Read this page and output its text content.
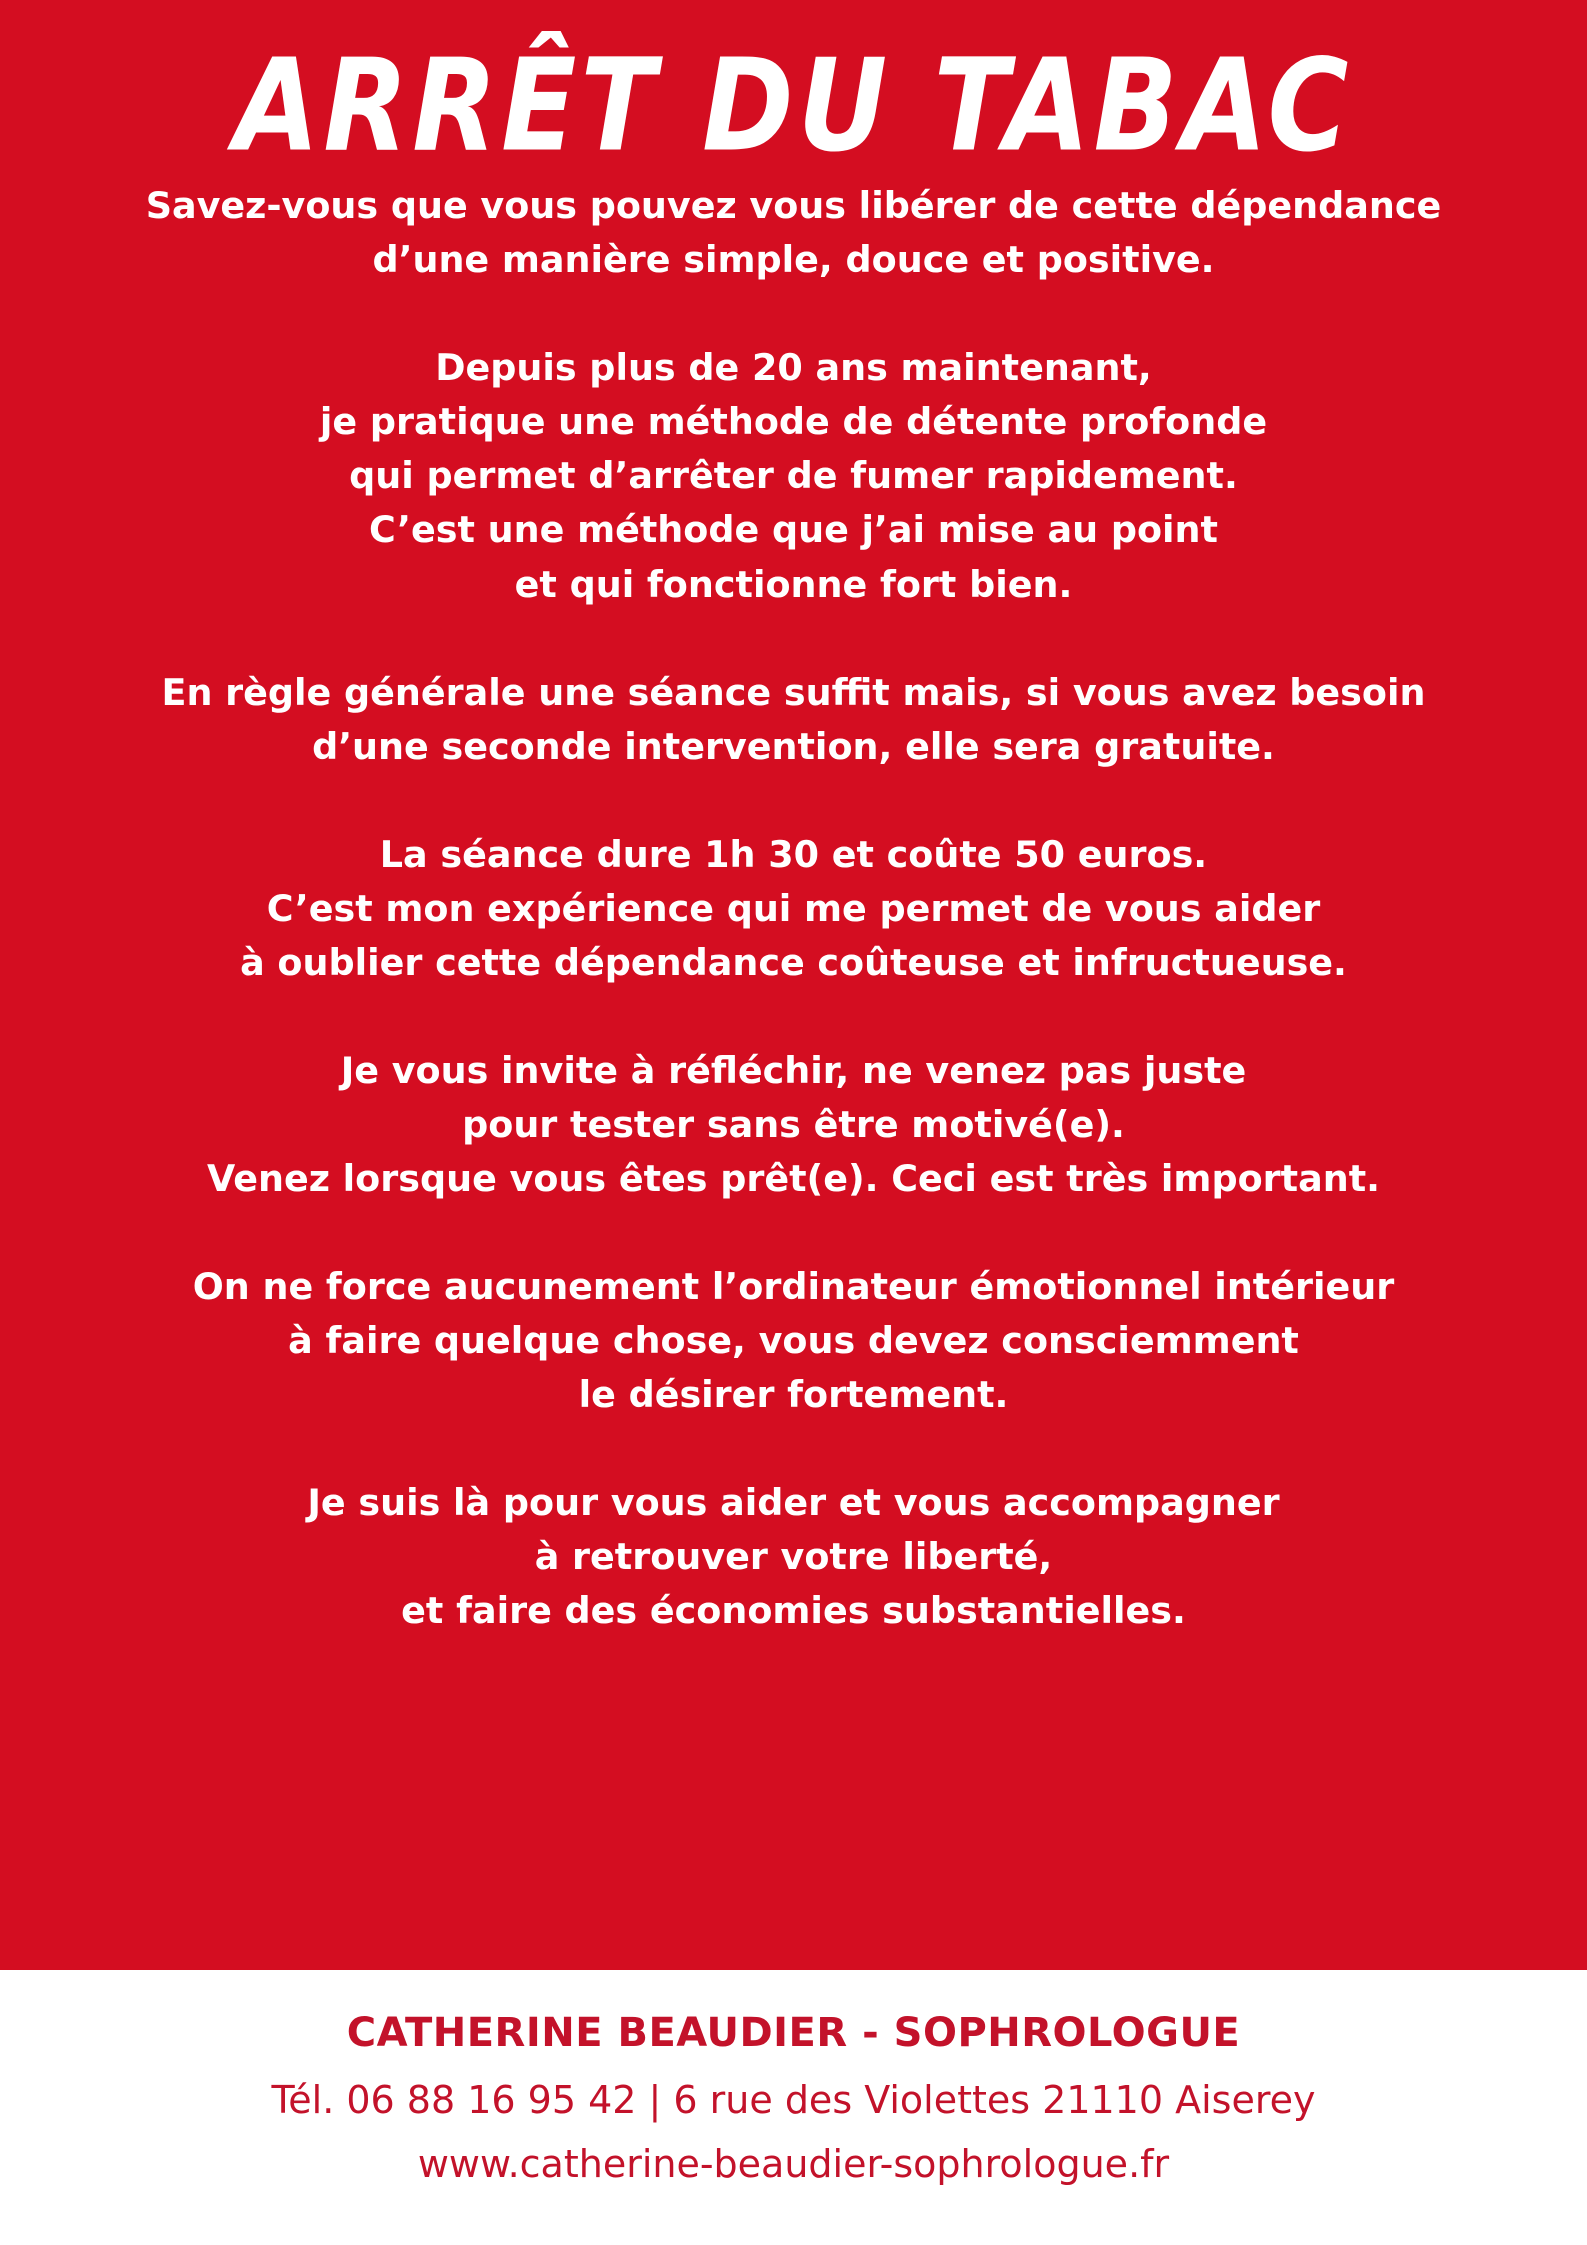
ARRÊT DU TABAC

Savez-vous que vous pouvez vous libérer de cette dépendance
d’une manière simple, douce et positive.

Depuis plus de 20 ans maintenant,
je pratique une méthode de détente profonde
qui permet d’arrêter de fumer rapidement.
C’est une méthode que j’ai mise au point
et qui fonctionne fort bien.

En règle générale une séance suffit mais, si vous avez besoin
d’une seconde intervention, elle sera gratuite.

La séance dure 1h 30 et coûte 50 euros.
C’est mon expérience qui me permet de vous aider
à oublier cette dépendance coûteuse et infructueuse.

Je vous invite à réfléchir, ne venez pas juste
pour tester sans être motivé(e).
Venez lorsque vous êtes prêt(e). Ceci est très important.

On ne force aucunement l’ordinateur émotionnel intérieur
à faire quelque chose, vous devez consciemment
le désirer fortement.

Je suis là pour vous aider et vous accompagner
à retrouver votre liberté,
et faire des économies substantielles.

CATHERINE BEAUDIER - SOPHROLOGUE
Tél. 06 88 16 95 42 | 6 rue des Violettes 21110 Aiserey
www.catherine-beaudier-sophrologue.fr
